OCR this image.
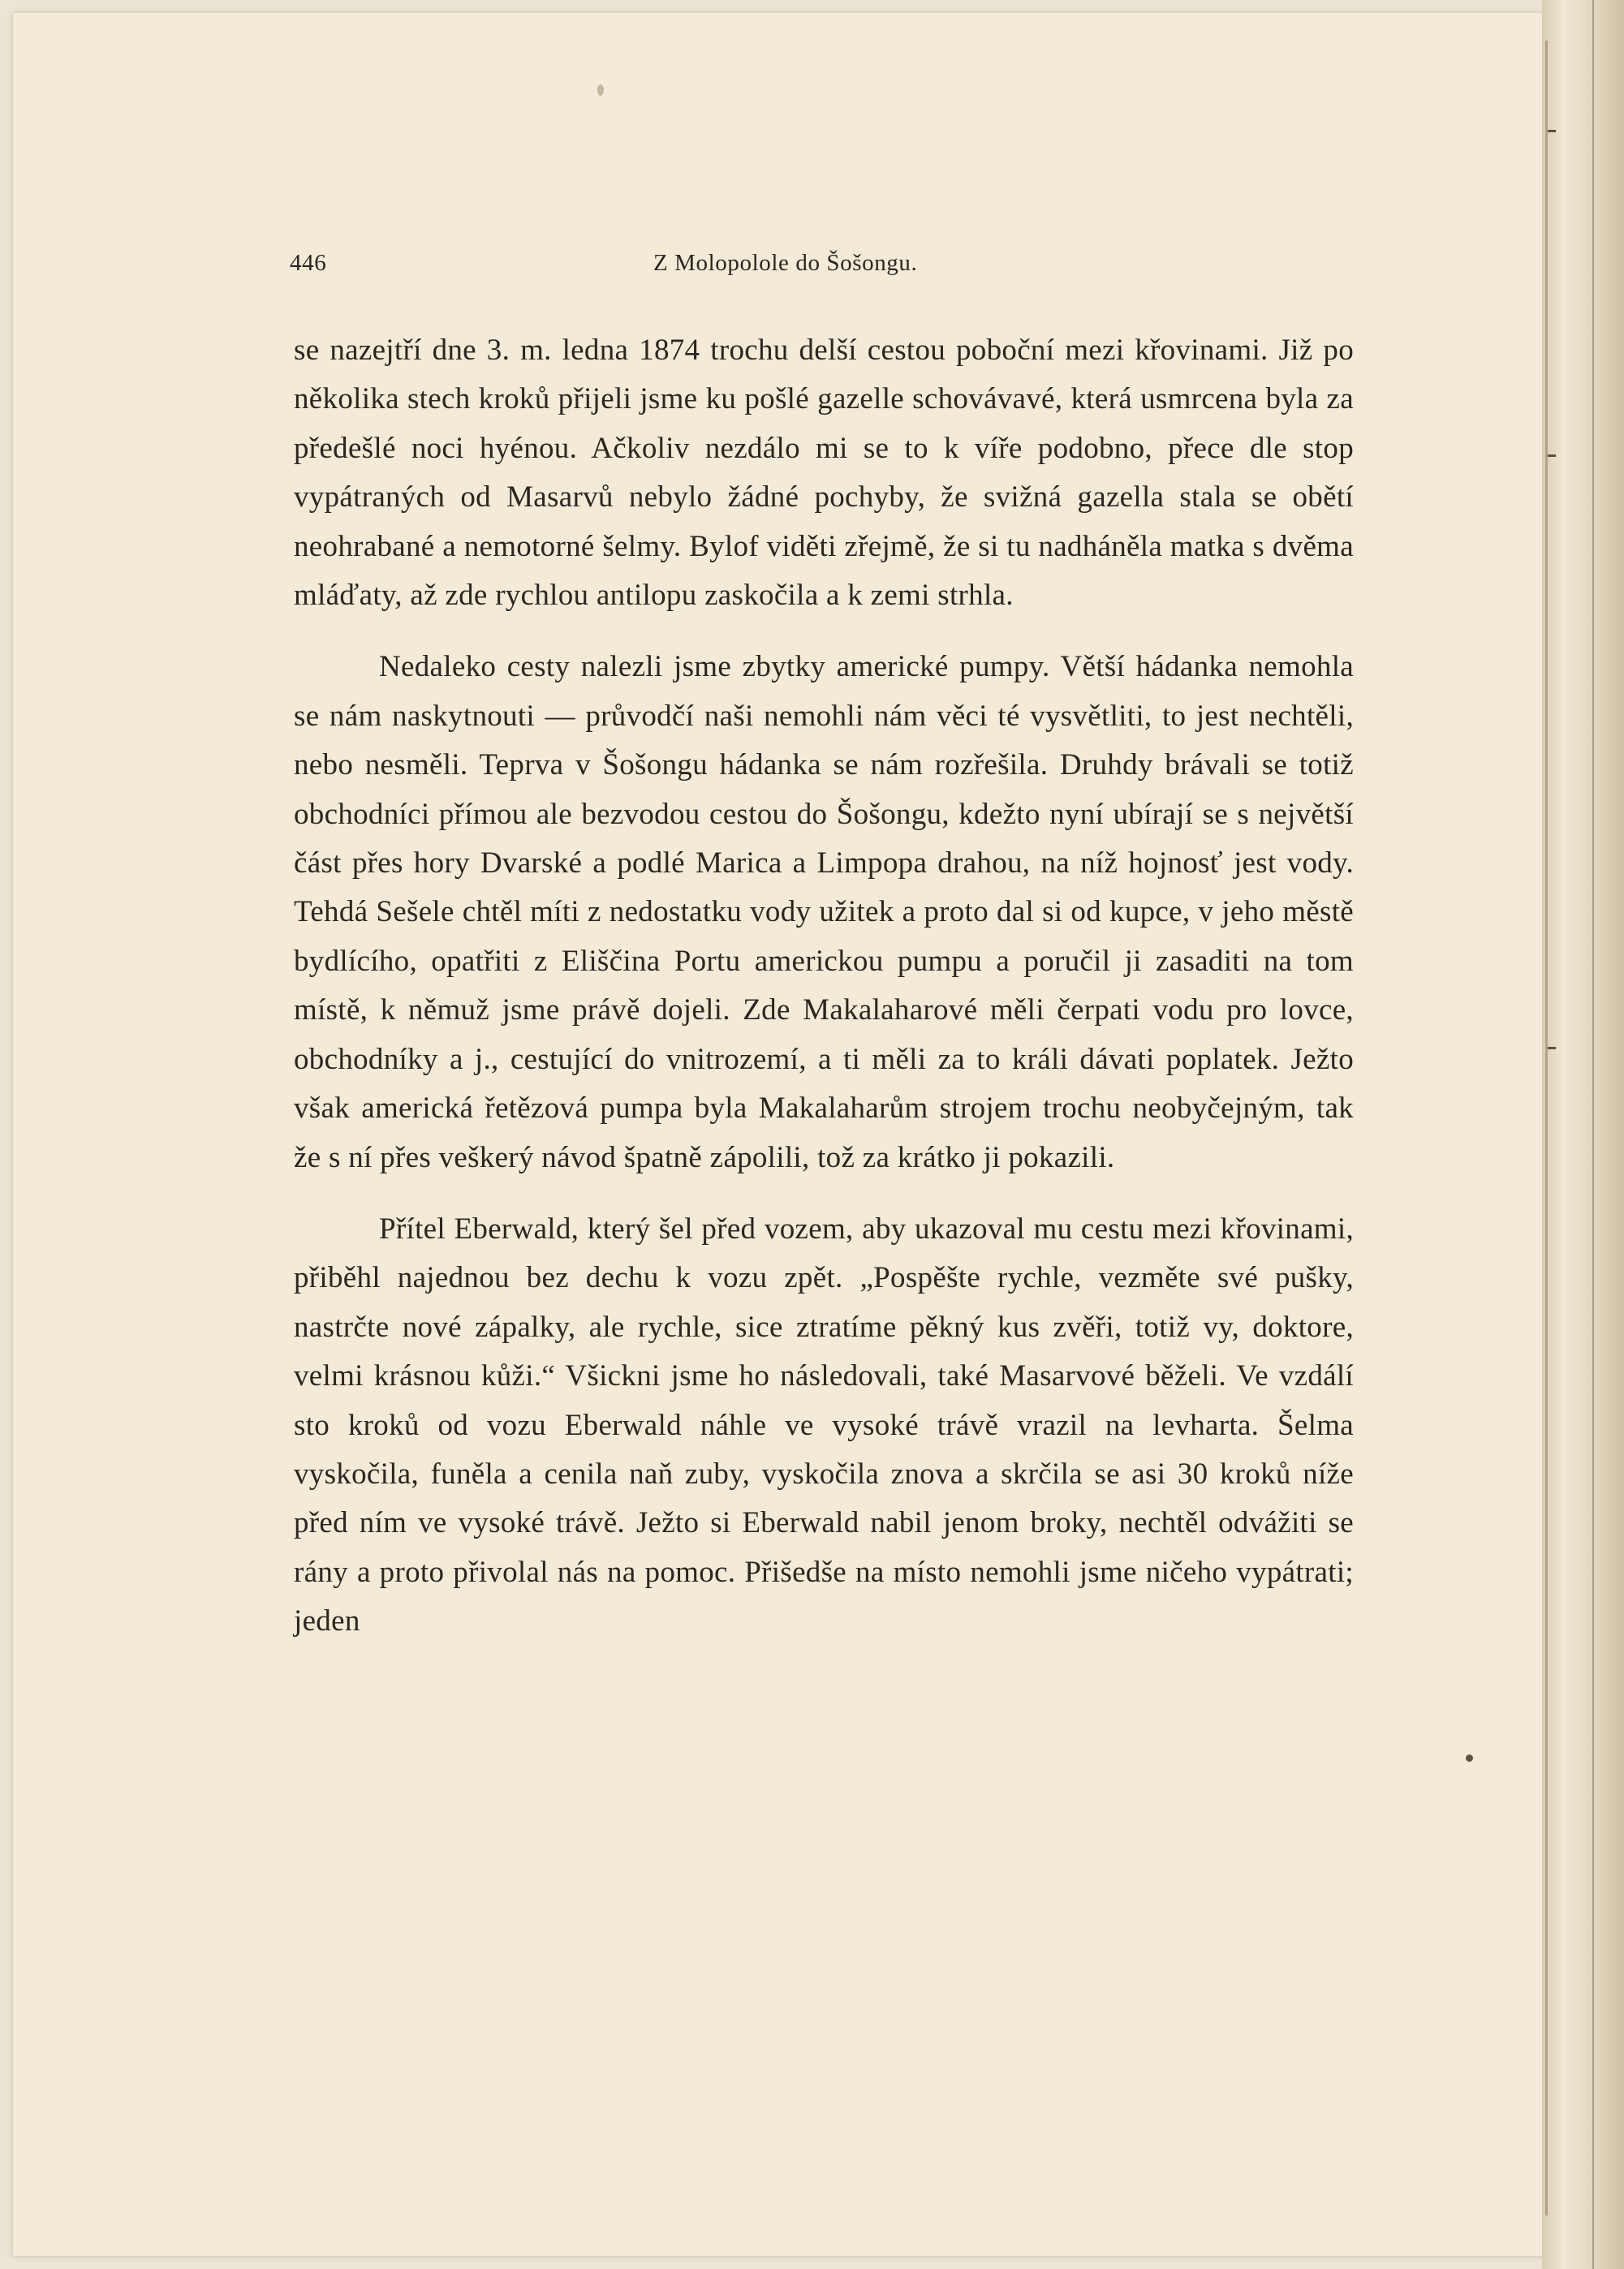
446	Z Molopolole do Šošongu.

se nazejtří dne 3. m. ledna 1874 trochu delší cestou poboční mezi křovinami. Již po několika stech kroků přijeli jsme ku pošlé gazelle schovávavé, která usmrcena byla za předešlé noci hyénou. Ačkoliv nezdálo mi se to k víře podobno, přece dle stop vypátraných od Masarvů nebylo žádné pochyby, že svižná gazella stala se obětí neohrabané a nemotorné šelmy. Bylof viděti zřejmě, že si tu nadháněla matka s dvěma mláďaty, až zde rychlou antilopu zaskočila a k zemi strhla.

Nedaleko cesty nalezli jsme zbytky americké pumpy. Větší hádanka nemohla se nám naskytnouti — průvodčí naši nemohli nám věci té vysvětliti, to jest nechtěli, nebo nesměli. Teprva v Šošongu hádanka se nám rozřešila. Druhdy brávali se totiž obchodníci přímou ale bezvodou cestou do Šošongu, kdežto nyní ubírají se s největší část přes hory Dvarské a podlé Marica a Limpopa drahou, na níž hojnosť jest vody. Tehdá Sešele chtěl míti z nedostatku vody užitek a proto dal si od kupce, v jeho městě bydlícího, opatřiti z Eliščina Portu americkou pumpu a poručil ji zasaditi na tom místě, k němuž jsme právě dojeli. Zde Makalaharové měli čerpati vodu pro lovce, obchodníky a j., cestující do vnitrozemí, a ti měli za to králi dávati poplatek. Ježto však americká řetězová pumpa byla Makalaharům strojem trochu neobyčejným, tak že s ní přes veškerý návod špatně zápolili, tož za krátko ji pokazili.

Přítel Eberwald, který šel před vozem, aby ukazoval mu cestu mezi křovinami, přiběhl najednou bez dechu k vozu zpět. „Pospěšte rychle, vezměte své pušky, nastrčte nové zápalky, ale rychle, sice ztratíme pěkný kus zvěři, totiž vy, doktore, velmi krásnou kůži.“ Všickni jsme ho následovali, také Masarvové běželi. Ve vzdálí sto kroků od vozu Eberwald náhle ve vysoké trávě vrazil na levharta. Šelma vyskočila, funěla a cenila naň zuby, vyskočila znova a skrčila se asi 30 kroků níže před ním ve vysoké trávě. Ježto si Eberwald nabil jenom broky, nechtěl odvážiti se rány a proto přivolal nás na pomoc. Přišedše na místo nemohli jsme ničeho vypátrati; jeden
